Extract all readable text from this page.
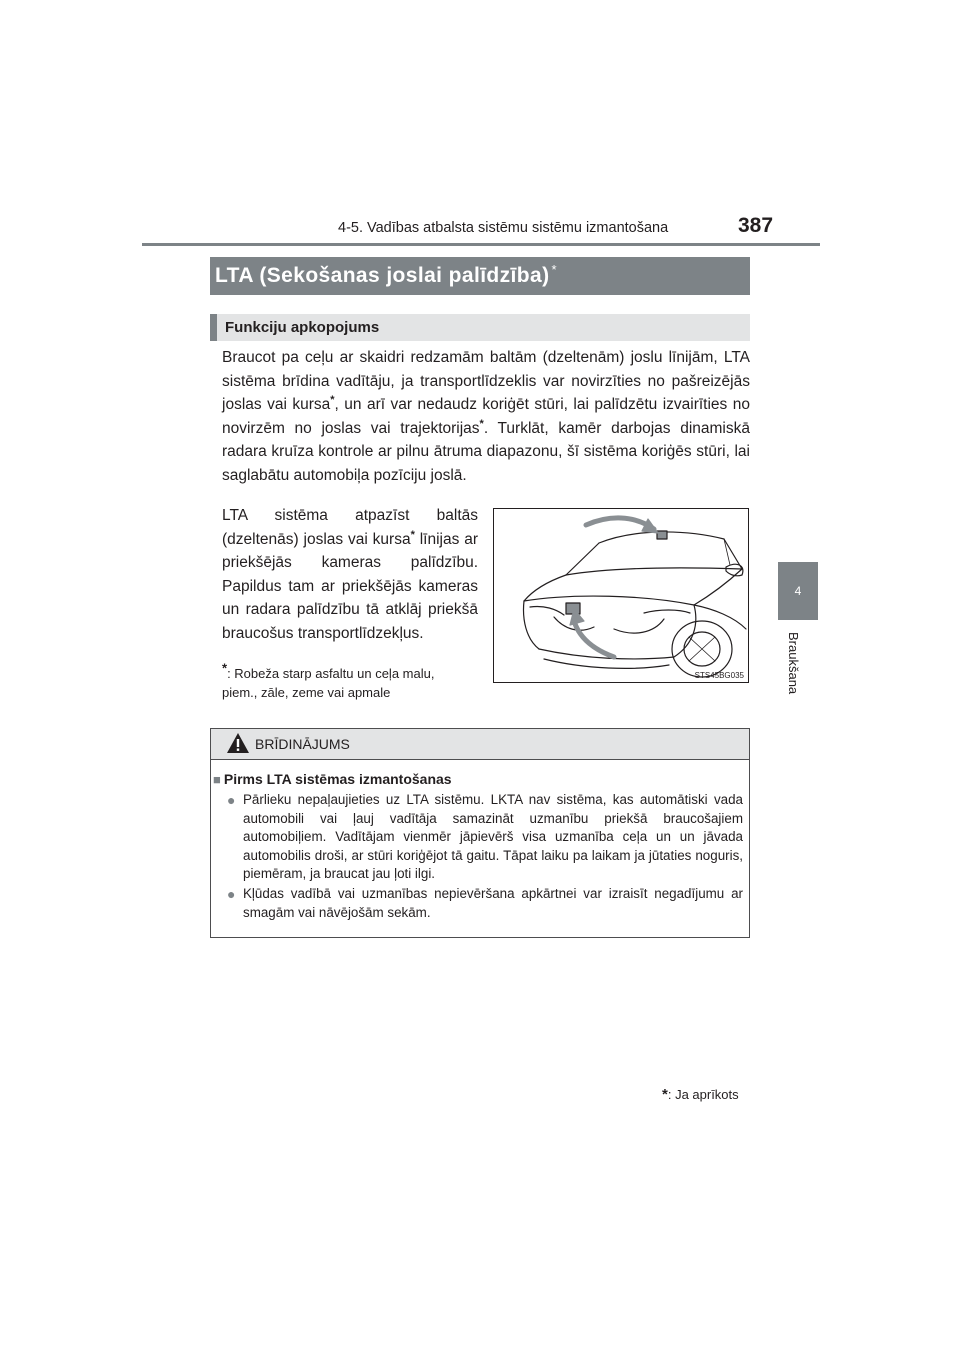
4-5. Vadības atbalsta sistēmu sistēmu izmantošana	387
4
Braukšana
LTA (Sekošanas joslai palīdzība) *
Funkciju apkopojums
Braucot pa ceļu ar skaidri redzamām baltām (dzeltenām) joslu līnijām, LTA sistēma brīdina vadītāju, ja transportlīdzeklis var novirzīties no pašreizējās joslas vai kursa*, un arī var nedaudz koriģēt stūri, lai palīdzētu izvairīties no novirzēm no joslas vai trajektorijas*. Turklāt, kamēr darbojas dinamiskā radara kruīza kontrole ar pilnu ātruma diapazonu, šī sistēma koriģēs stūri, lai saglabātu automobiļa pozīciju joslā.
LTA sistēma atpazīst baltās (dzeltenās) joslas vai kursa* līnijas ar priekšējās kameras palīdzību. Papildus tam ar priekšējās kameras un radara palīdzību tā atklāj priekšā braucošus transportlīdzekļus.
*: Robeža starp asfaltu un ceļa malu, piem., zāle, zeme vai apmale
STS45BG035
BRĪDINĀJUMS
■ Pirms LTA sistēmas izmantošanas
● Pārlieku nepaļaujieties uz LTA sistēmu. LKTA nav sistēma, kas automātiski vada automobili vai ļauj vadītāja samazināt uzmanību priekšā braucošajiem automobiļiem. Vadītājam vienmēr jāpievērš visa uzmanība ceļa un un jāvada automobilis droši, ar stūri koriģējot tā gaitu. Tāpat laiku pa laikam ja jūtaties noguris, piemēram, ja braucat jau ļoti ilgi.
● Kļūdas vadībā vai uzmanības nepievēršana apkārtnei var izraisīt negadījumu ar smagām vai nāvējošām sekām.
*: Ja aprīkots
